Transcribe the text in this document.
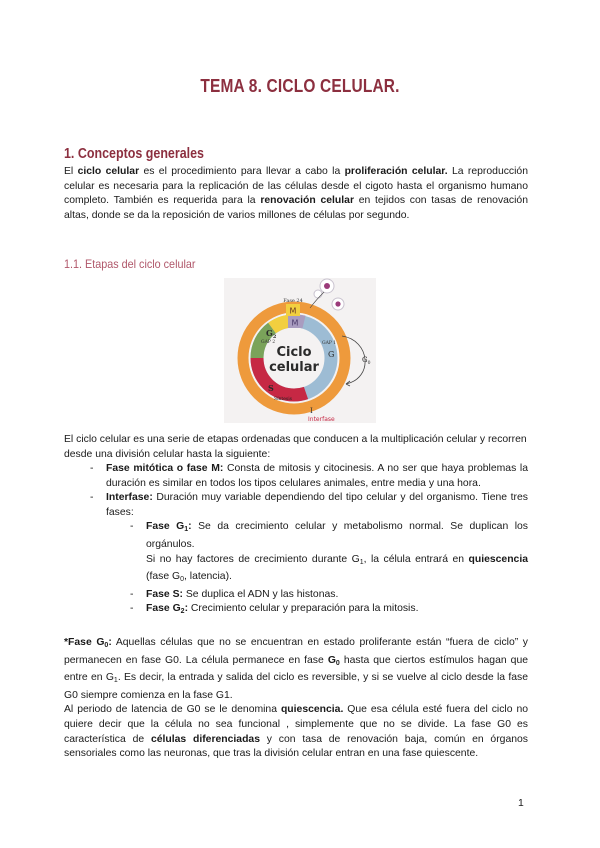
TEMA 8. CICLO CELULAR.
1. Conceptos generales
El ciclo celular es el procedimiento para llevar a cabo la proliferación celular. La reproducción celular es necesaria para la replicación de las células desde el cigoto hasta el organismo humano completo. También es requerida para la renovación celular en tejidos con tasas de renovación altas, donde se da la reposición de varios millones de células por segundo.
1.1. Etapas del ciclo celular
Fase 24
M
M
$G_2$
GAP 2	GAP 1
G
$G_0$
S
Síntesis
I
Interfase
Ciclo
celular
El ciclo celular es una serie de etapas ordenadas que conducen a la multiplicación celular y recorren desde una división celular hasta la siguiente:
- Fase mitótica o fase M: Consta de mitosis y citocinesis. A no ser que haya problemas la duración es similar en todos los tipos celulares animales, entre media y una hora.
- Interfase: Duración muy variable dependiendo del tipo celular y del organismo. Tiene tres fases:
- Fase $G_1$: Se da crecimiento celular y metabolismo normal. Se duplican los orgánulos.
Si no hay factores de crecimiento durante $G_1$, la célula entrará en quiescencia (fase $G_0$, latencia).
- Fase S: Se duplica el ADN y las histonas.
- Fase $G_2$: Crecimiento celular y preparación para la mitosis.
*Fase $G_0$: Aquellas células que no se encuentran en estado proliferante están “fuera de ciclo” y permanecen en fase G0. La célula permanece en fase $G_0$ hasta que ciertos estímulos hagan que entre en $G_1$. Es decir, la entrada y salida del ciclo es reversible, y si se vuelve al ciclo desde la fase G0 siempre comienza en la fase G1.
Al periodo de latencia de G0 se le denomina quiescencia. Que esa célula esté fuera del ciclo no quiere decir que la célula no sea funcional , simplemente que no se divide. La fase G0 es característica de células diferenciadas y con tasa de renovación baja, común en órganos sensoriales como las neuronas, que tras la división celular entran en una fase quiescente.
1
